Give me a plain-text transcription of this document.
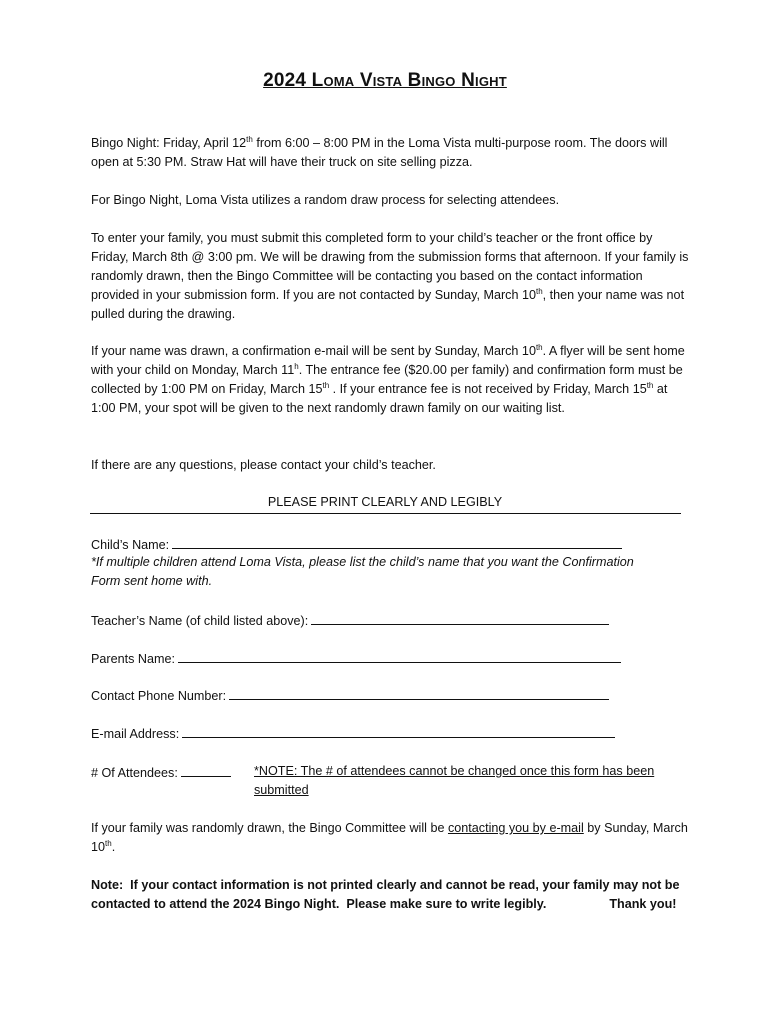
2024 Loma Vista Bingo Night

Bingo Night: Friday, April 12th from 6:00 – 8:00 PM in the Loma Vista multi-purpose room. The doors will open at 5:30 PM. Straw Hat will have their truck on site selling pizza.

For Bingo Night, Loma Vista utilizes a random draw process for selecting attendees.

To enter your family, you must submit this completed form to your child’s teacher or the front office by Friday, March 8th @ 3:00 pm. We will be drawing from the submission forms that afternoon. If your family is randomly drawn, then the Bingo Committee will be contacting you based on the contact information provided in your submission form. If you are not contacted by Sunday, March 10th, then your name was not pulled during the drawing.

If your name was drawn, a confirmation e-mail will be sent by Sunday, March 10th. A flyer will be sent home with your child on Monday, March 11$^h$. The entrance fee ($20.00 per family) and confirmation form must be collected by 1:00 PM on Friday, March 15th . If your entrance fee is not received by Friday, March 15th at 1:00 PM, your spot will be given to the next randomly drawn family on our waiting list.

If there are any questions, please contact your child’s teacher.

PLEASE PRINT CLEARLY AND LEGIBLY
Child’s Name:
*If multiple children attend Loma Vista, please list the child’s name that you want the Confirmation Form sent home with.
Teacher’s Name (of child listed above):
Parents Name:
Contact Phone Number:
E-mail Address:
# Of Attendees:	*NOTE: The # of attendees cannot be changed once this form has been submitted

If your family was randomly drawn, the Bingo Committee will be contacting you by e-mail by Sunday, March 10th.

Note:  If your contact information is not printed clearly and cannot be read, your family may not be contacted to attend the 2024 Bingo Night.  Please make sure to write legibly.                  Thank you!
